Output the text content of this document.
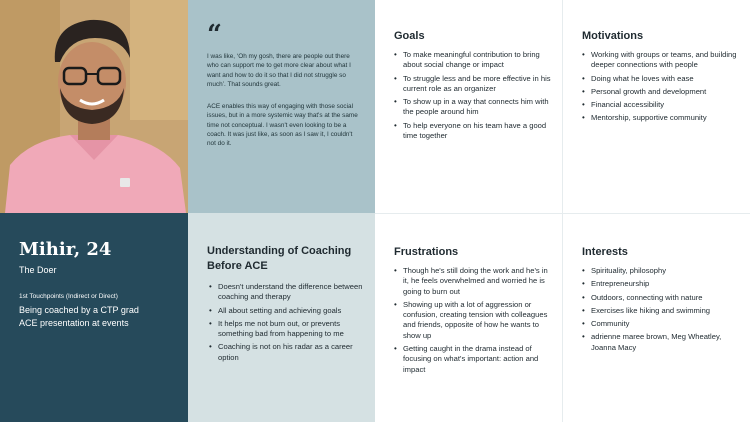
“

I was like, ‘Oh my gosh, there are people out there who can support me to get more clear about what I want and how to do it so that I did not struggle so much’. That sounds great.

ACE enables this way of engaging with those social issues, but in a more systemic way that's at the same time not conceptual. I wasn't even looking to be a coach. It was just like, as soon as I saw it, I couldn't not do it.

Goals
• To make meaningful contribution to bring about social change or impact
• To struggle less and be more effective in his current role as an organizer
• To show up in a way that connects him with the people around him
• To help everyone on his team have a good time together
Motivations
• Working with groups or teams, and building deeper connections with people
• Doing what he loves with ease
• Personal growth and development
• Financial accessibility
• Mentorship, supportive community
Mihir, 24
The Doer
1st Touchpoints (Indirect or Direct)
Being coached by a CTP grad
ACE presentation at events
Understanding of Coaching Before ACE
• Doesn't understand the difference between coaching and therapy
• All about setting and achieving goals
• It helps me not burn out, or prevents something bad from happening to me
• Coaching is not on his radar as a career option
Frustrations
• Though he's still doing the work and he's in it, he feels overwhelmed and worried he is going to burn out
• Showing up with a lot of aggression or confusion, creating tension with colleagues and friends, opposite of how he wants to show up
• Getting caught in the drama instead of focusing on what's important: action and impact
Interests
• Spirituality, philosophy
• Entrepreneurship
• Outdoors, connecting with nature
• Exercises like hiking and swimming
• Community
• adrienne maree brown, Meg Wheatley, Joanna Macy
